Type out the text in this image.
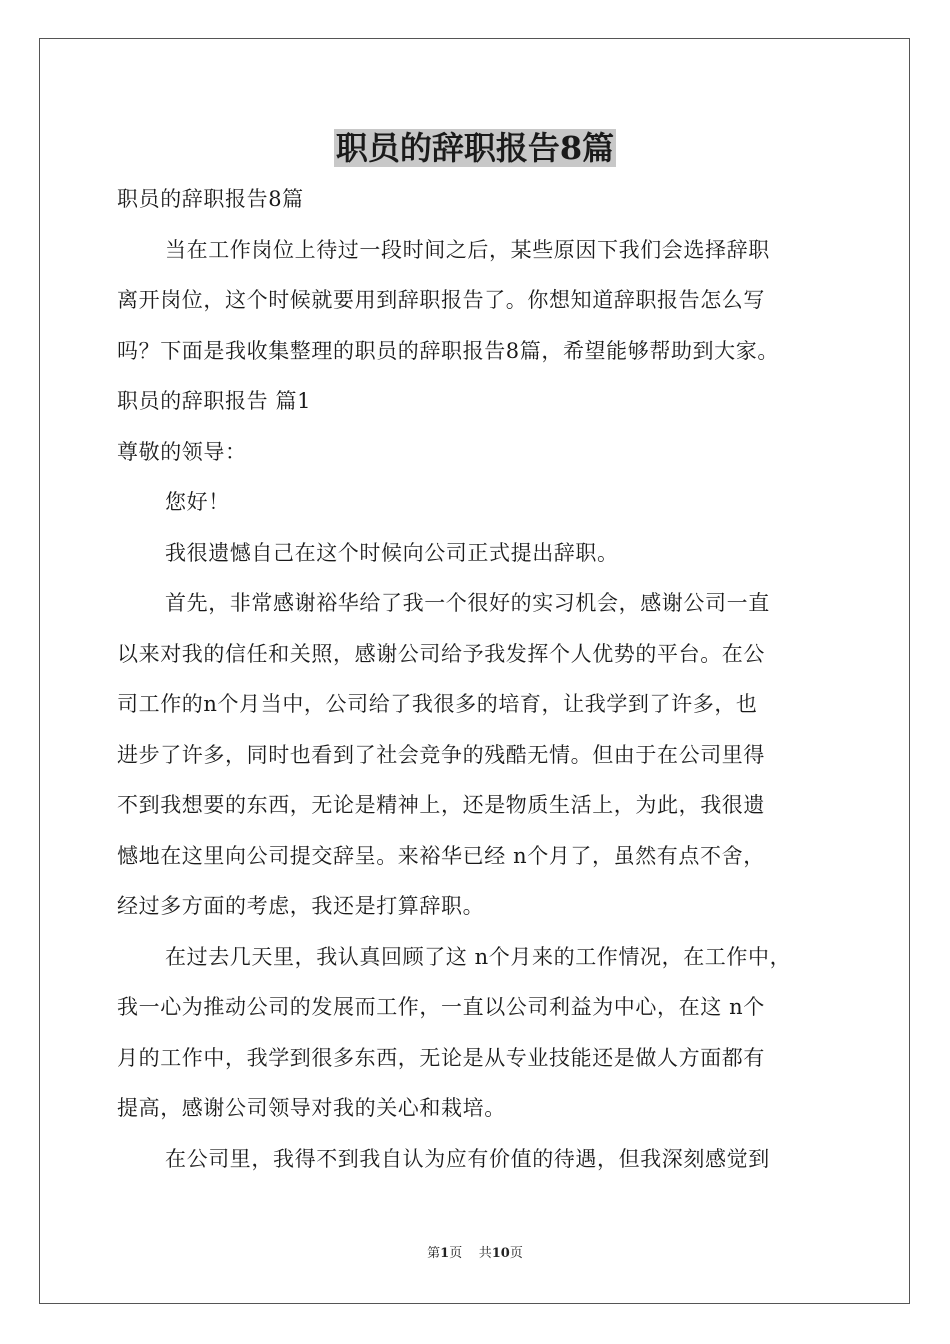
职员的辞职报告8篇

职员的辞职报告8篇

当在工作岗位上待过一段时间之后，某些原因下我们会选择辞职

离开岗位，这个时候就要用到辞职报告了。你想知道辞职报告怎么写

吗？下面是我收集整理的职员的辞职报告8篇，希望能够帮助到大家。

职员的辞职报告 篇1

尊敬的领导：

您好！

我很遗憾自己在这个时候向公司正式提出辞职。

首先，非常感谢裕华给了我一个很好的实习机会，感谢公司一直

以来对我的信任和关照，感谢公司给予我发挥个人优势的平台。在公

司工作的n个月当中，公司给了我很多的培育，让我学到了许多，也

进步了许多，同时也看到了社会竞争的残酷无情。但由于在公司里得

不到我想要的东西，无论是精神上，还是物质生活上，为此，我很遗

憾地在这里向公司提交辞呈。来裕华已经 n个月了，虽然有点不舍，

经过多方面的考虑，我还是打算辞职。

在过去几天里，我认真回顾了这 n个月来的工作情况，在工作中，

我一心为推动公司的发展而工作，一直以公司利益为中心，在这 n个

月的工作中，我学到很多东西，无论是从专业技能还是做人方面都有

提高，感谢公司领导对我的关心和栽培。

在公司里，我得不到我自认为应有价值的待遇，但我深刻感觉到

第1页    共10页
